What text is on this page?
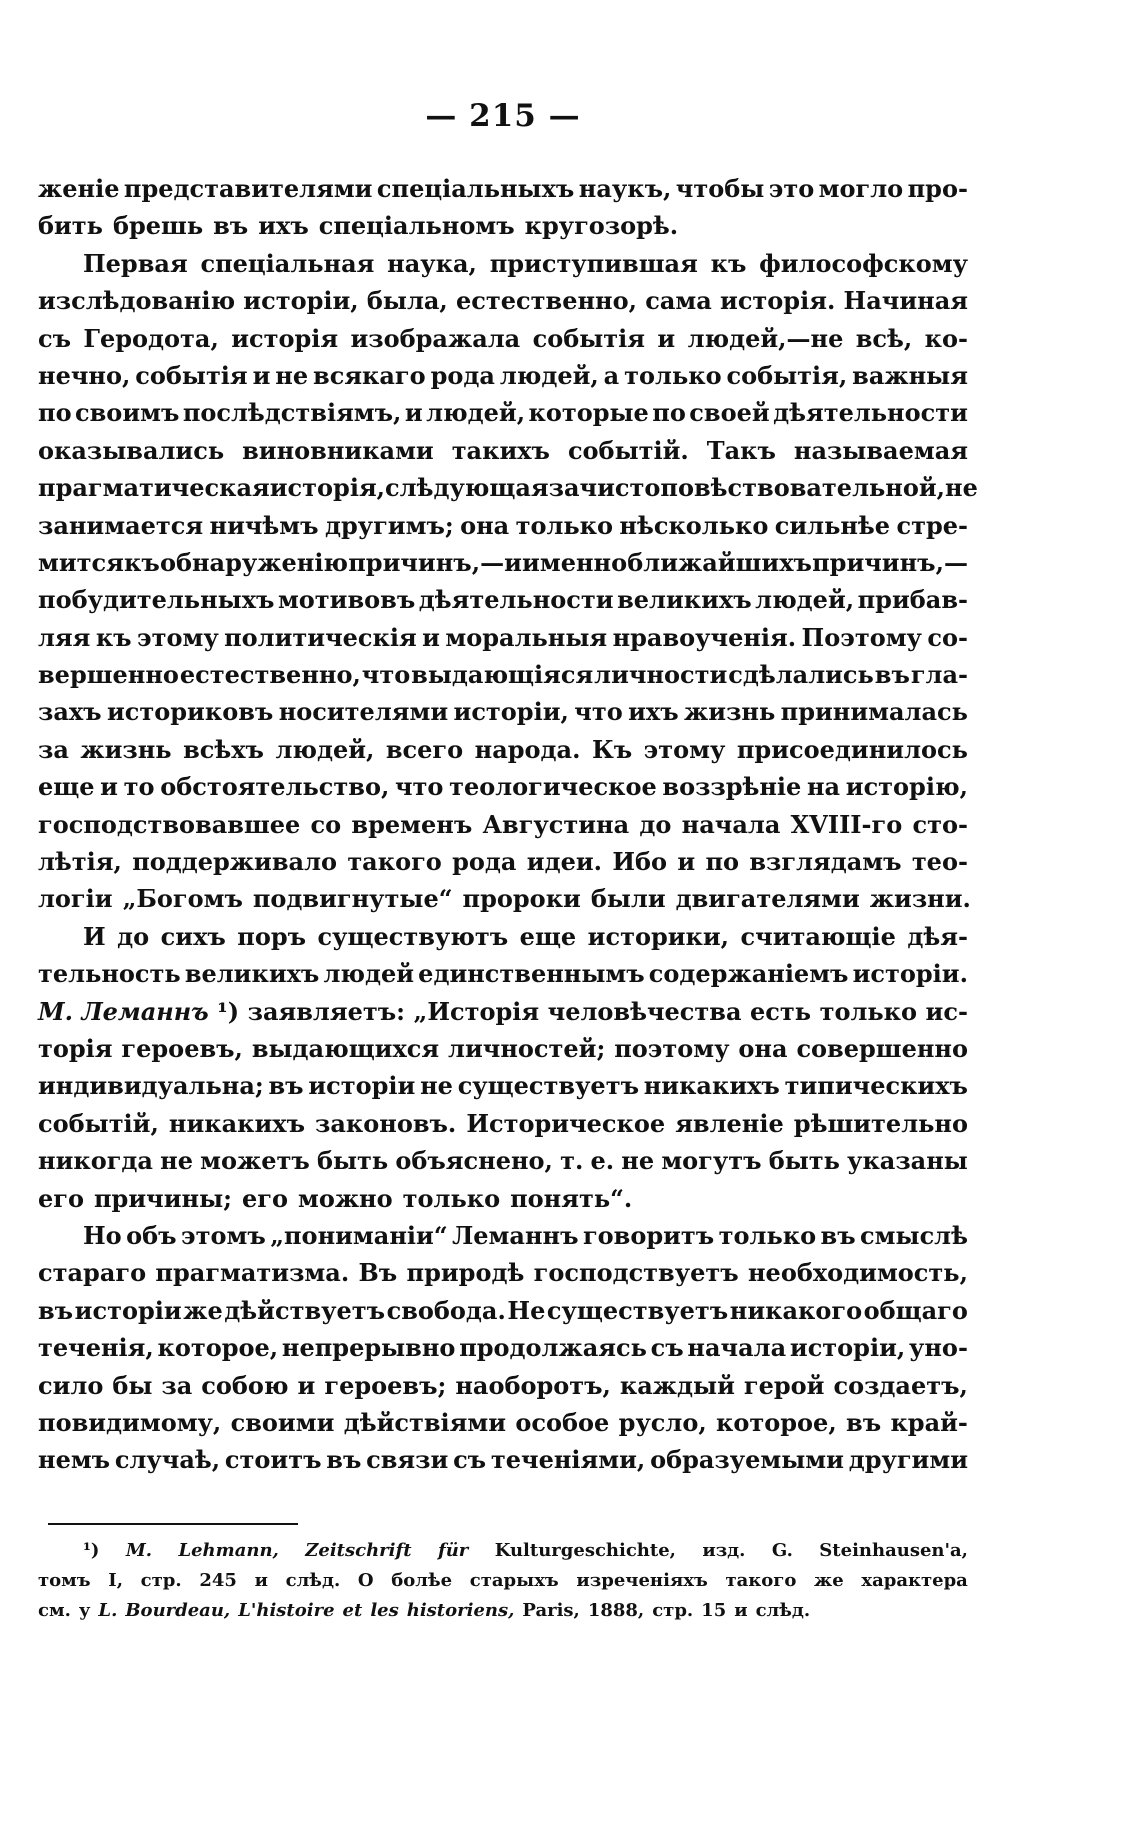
— 215 —
женіе представителями спеціальныхъ наукъ, чтобы это могло про-
бить брешь въ ихъ спеціальномъ кругозорѣ.
Первая спеціальная наука, приступившая къ философскому
изслѣдованію исторіи, была, естественно, сама исторія. Начиная
съ Геродота, исторія изображала событія и людей,—не всѣ, ко-
нечно, событія и не всякаго рода людей, а только событія, важныя
по своимъ послѣдствіямъ, и людей, которые по своей дѣятельности
оказывались виновниками такихъ событій. Такъ называемая
прагматическая исторія, слѣдующая за чисто повѣствовательной, не
занимается ничѣмъ другимъ; она только нѣсколько сильнѣе стре-
мится къ обнаруженію причинъ,—и именно ближайшихъ причинъ,—
побудительныхъ мотивовъ дѣятельности великихъ людей, прибав-
ляя къ этому политическія и моральныя нравоученія. Поэтому со-
вершенно естественно, что выдающіяся личности сдѣлались въ гла-
захъ историковъ носителями исторіи, что ихъ жизнь принималась
за жизнь всѣхъ людей, всего народа. Къ этому присоединилось
еще и то обстоятельство, что теологическое воззрѣніе на исторію,
господствовавшее со временъ Августина до начала XVIII-го сто-
лѣтія, поддерживало такого рода идеи. Ибо и по взглядамъ тео-
логіи „Богомъ подвигнутые“ пророки были двигателями жизни.
И до сихъ поръ существуютъ еще историки, считающіе дѣя-
тельность великихъ людей единственнымъ содержаніемъ исторіи.
М. Леманнъ ¹) заявляетъ: „Исторія человѣчества есть только ис-
торія героевъ, выдающихся личностей; поэтому она совершенно
индивидуальна; въ исторіи не существуетъ никакихъ типическихъ
событій, никакихъ законовъ. Историческое явленіе рѣшительно
никогда не можетъ быть объяснено, т. е. не могутъ быть указаны
его причины; его можно только понять“.
Но объ этомъ „пониманіи“ Леманнъ говоритъ только въ смыслѣ
стараго прагматизма. Въ природѣ господствуетъ необходимость,
въ исторіи же дѣйствуетъ свобода. Не существуетъ никакого общаго
теченія, которое, непрерывно продолжаясь съ начала исторіи, уно-
сило бы за собою и героевъ; наоборотъ, каждый герой создаетъ,
повидимому, своими дѣйствіями особое русло, которое, въ край-
немъ случаѣ, стоитъ въ связи съ теченіями, образуемыми другими
¹) M. Lehmann, Zeitschrift für Kulturgeschichte, изд. G. Steinhausen'a,
томъ I, стр. 245 и слѣд. О болѣе старыхъ изреченіяхъ такого же характера
см. у L. Bourdeau, L'histoire et les historiens, Paris, 1888, стр. 15 и слѣд.
